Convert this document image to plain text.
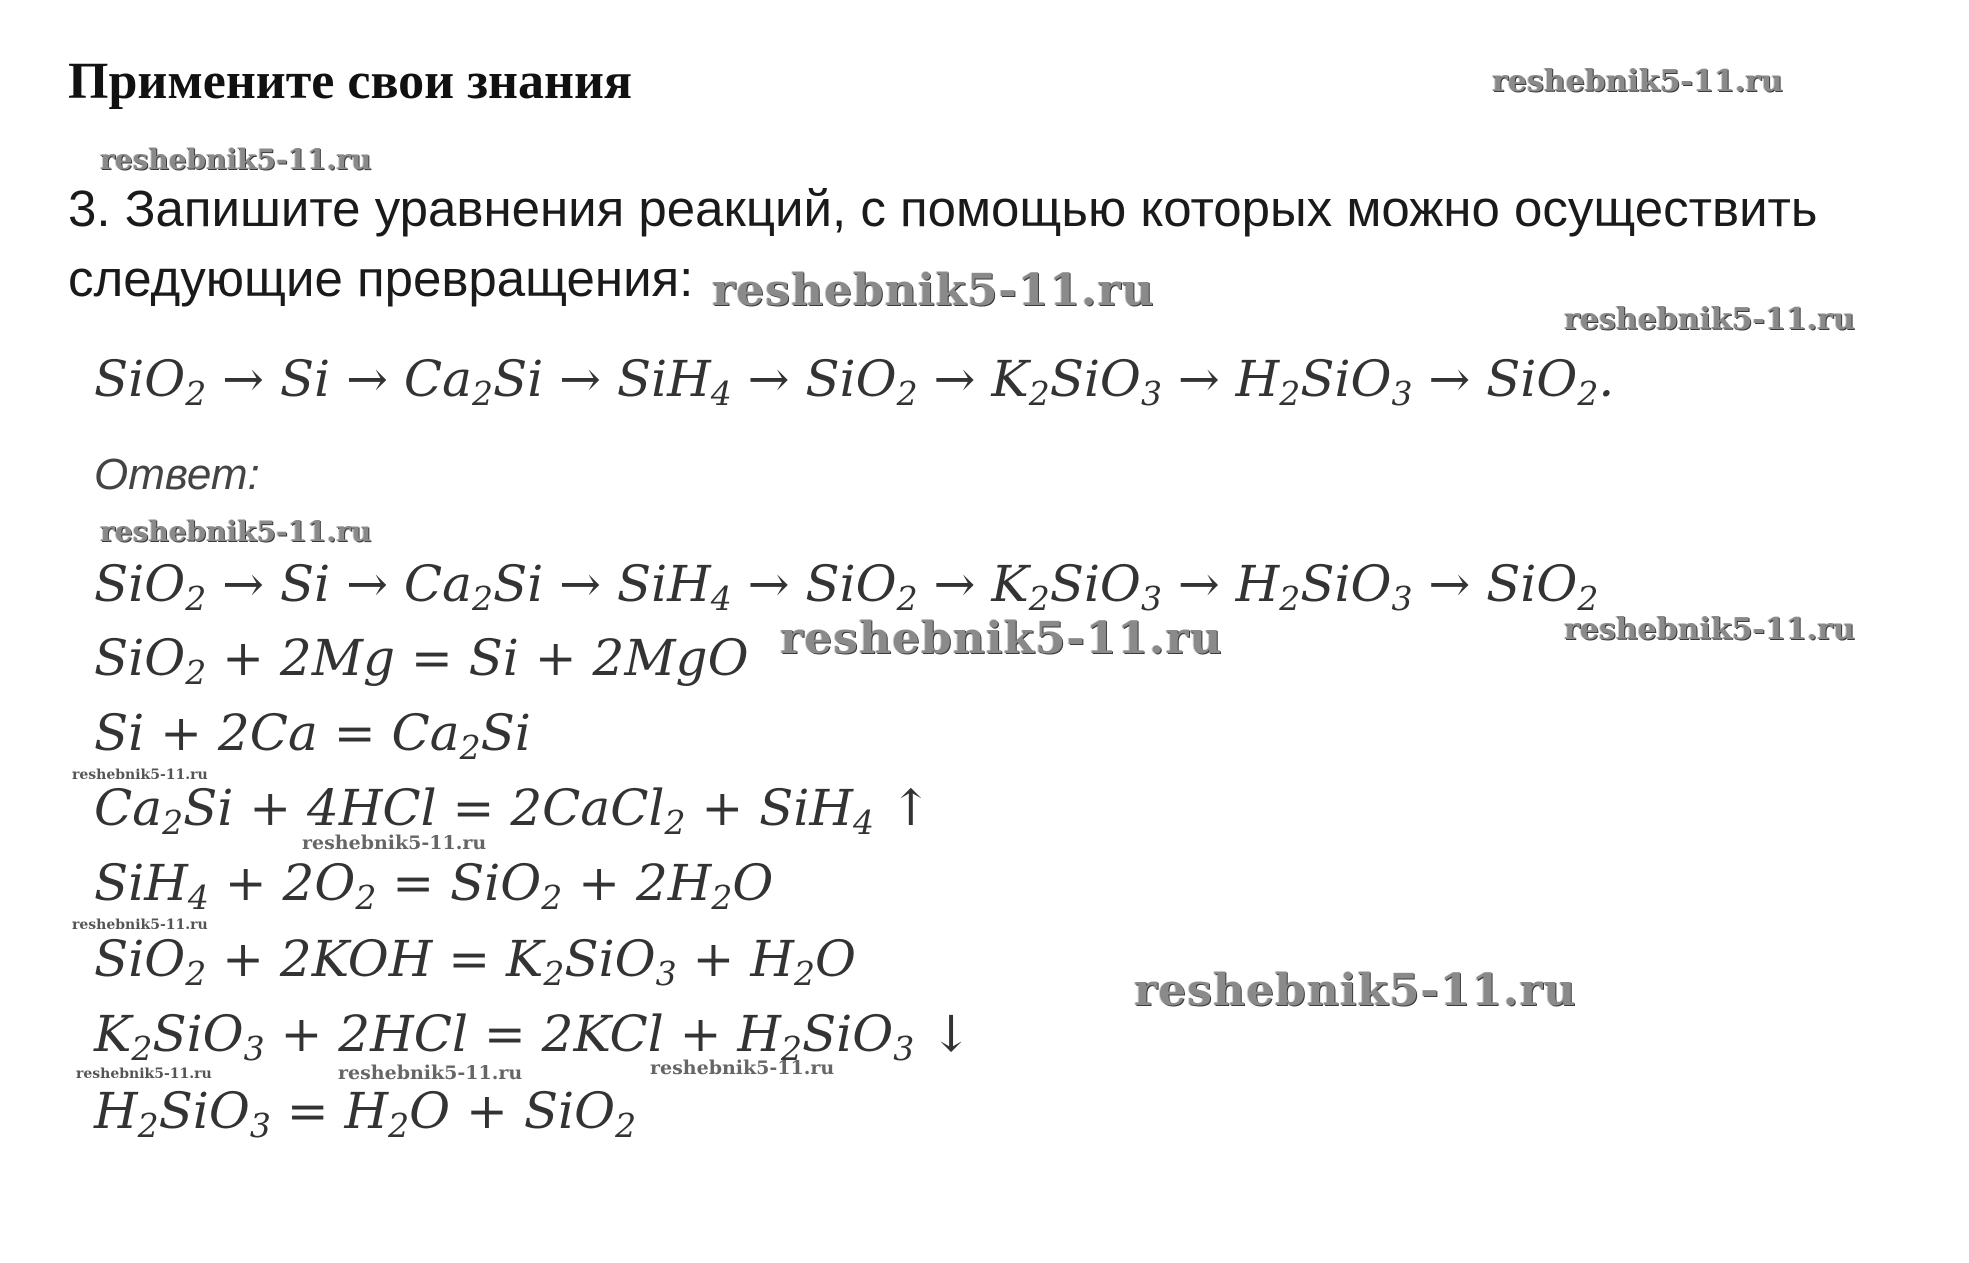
Примените свои знания
3. Запишите уравнения реакций, с помощью которых можно осуществить следующие превращения:
$SiO_2 \to Si \to Ca_2Si \to SiH_4 \to SiO_2 \to K_2SiO_3 \to H_2SiO_3 \to SiO_2$.
Ответ:
$SiO_2 \to Si \to Ca_2Si \to SiH_4 \to SiO_2 \to K_2SiO_3 \to H_2SiO_3 \to SiO_2$
SiO$_2$ + 2Mg = Si + 2MgO
$Si + 2Ca = Ca_2Si$
$Ca_2Si + 4HCl$ = 2CaCl$_2$ + SiH$_4$ ↑
$SiH_4 + 2O_2 = SiO_2 + 2H_2O$
$SiO_2 + 2KOH = K_2SiO_3 + H_2O$
$K_2SiO_3 + 2HCl = 2KCl + H_2SiO_3$ ↓
$H_2SiO_3 = H_2O + SiO_2$
reshebnik5-11.ru
reshebnik5-11.ru
reshebnik5-11.ru
reshebnik5-11.ru
reshebnik5-11.ru
reshebnik5-11.ru
reshebnik5-11.ru
reshebnik5-11.ru
reshebnik5-11.ru
reshebnik5-11.ru
reshebnik5-11.ru
reshebnik5-11.ru	reshebnik5-11.ru	reshebnik5-11.ru
